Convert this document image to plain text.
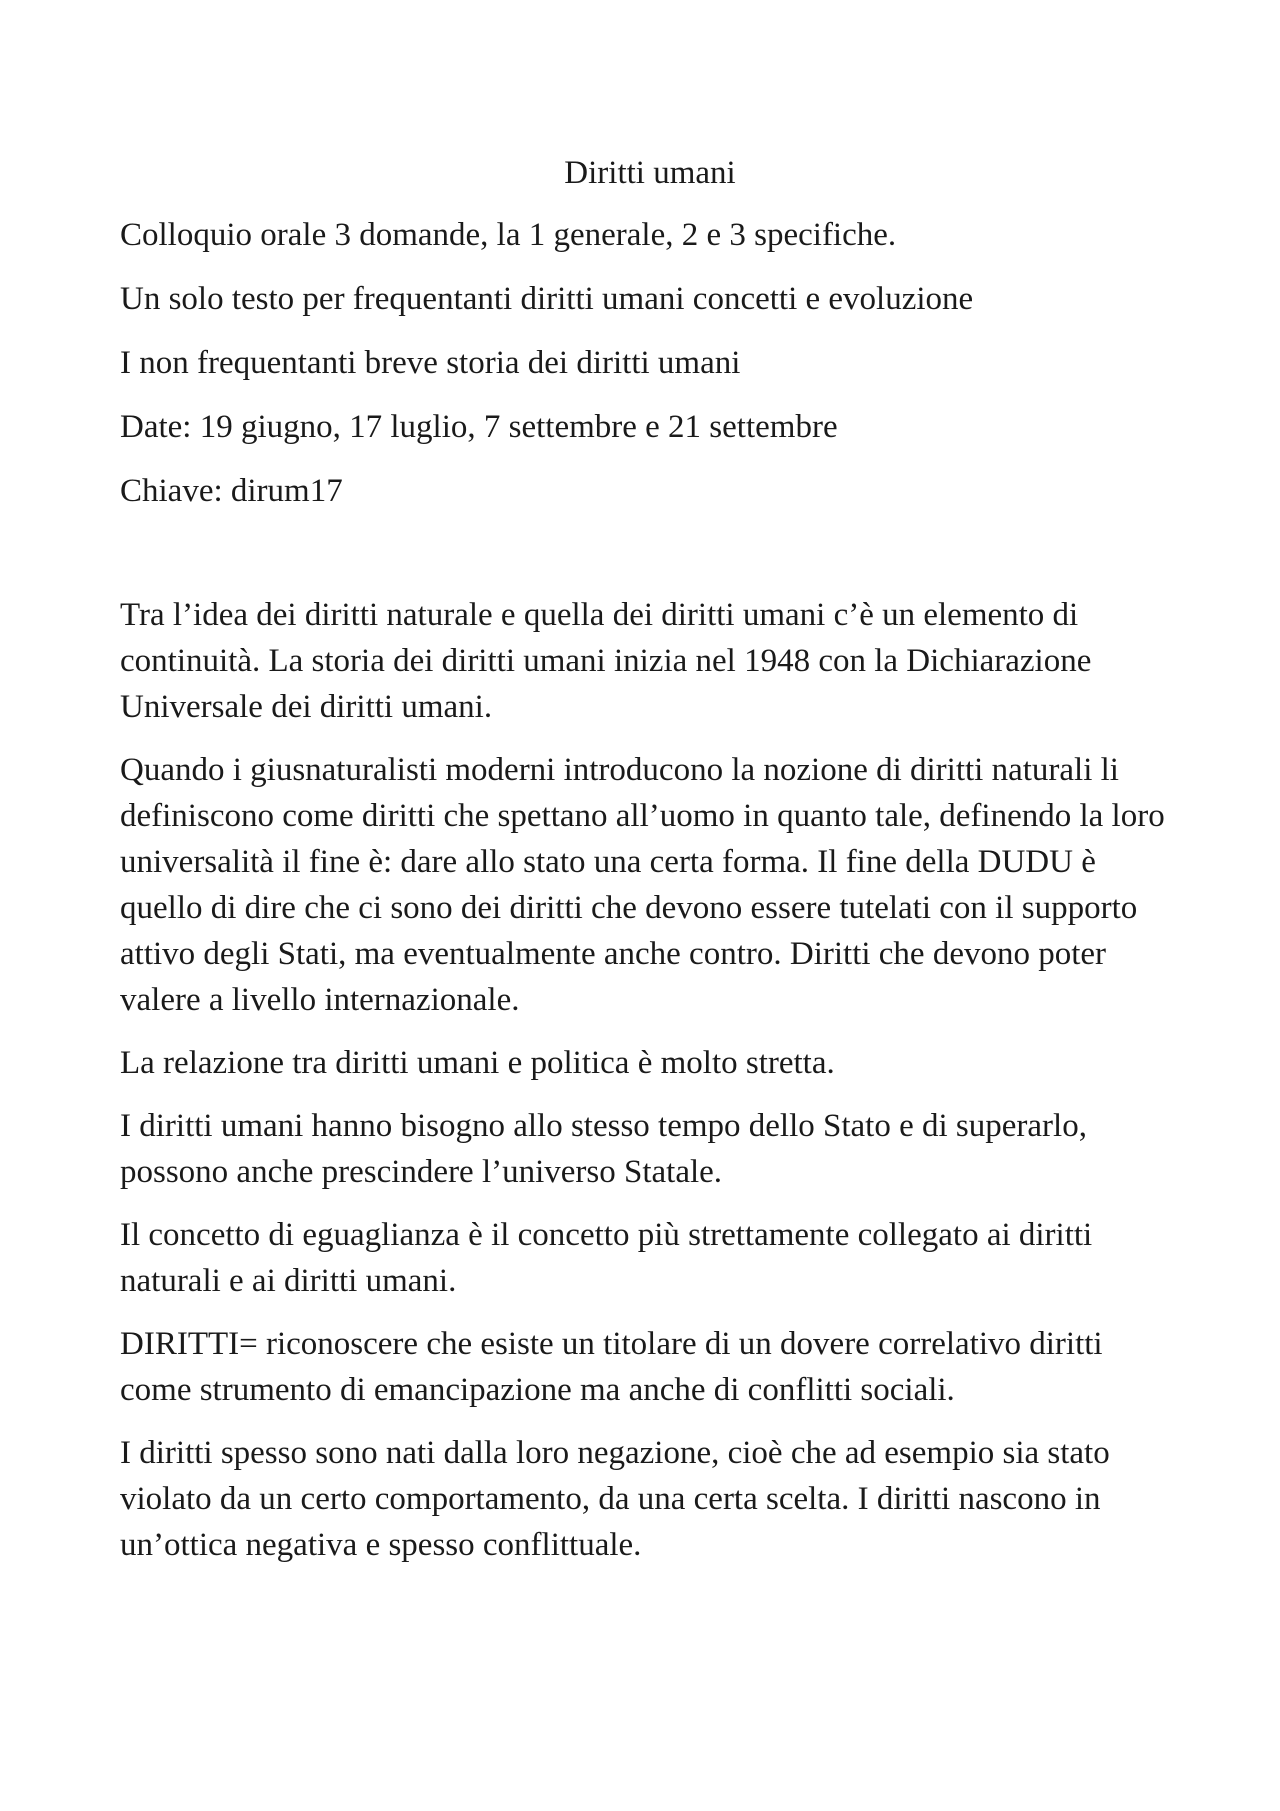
Diritti umani

Colloquio orale 3 domande, la 1 generale, 2 e 3 specifiche.

Un solo testo per frequentanti diritti umani concetti e evoluzione

I non frequentanti breve storia dei diritti umani

Date: 19 giugno, 17 luglio, 7 settembre e 21 settembre

Chiave: dirum17

Tra l’idea dei diritti naturale e quella dei diritti umani c’è un elemento di continuità. La storia dei diritti umani inizia nel 1948 con la Dichiarazione Universale dei diritti umani.

Quando i giusnaturalisti moderni introducono la nozione di diritti naturali li definiscono come diritti che spettano all’uomo in quanto tale, definendo la loro universalità il fine è: dare allo stato una certa forma. Il fine della DUDU è quello di dire che ci sono dei diritti che devono essere tutelati con il supporto attivo degli Stati, ma eventualmente anche contro. Diritti che devono poter valere a livello internazionale.

La relazione tra diritti umani e politica è molto stretta.

I diritti umani hanno bisogno allo stesso tempo dello Stato e di superarlo, possono anche prescindere l’universo Statale.

Il concetto di eguaglianza è il concetto più strettamente collegato ai diritti naturali e ai diritti umani.

DIRITTI= riconoscere che esiste un titolare di un dovere correlativo diritti come strumento di emancipazione ma anche di conflitti sociali.

I diritti spesso sono nati dalla loro negazione, cioè che ad esempio sia stato violato da un certo comportamento, da una certa scelta. I diritti nascono in un’ottica negativa e spesso conflittuale.
